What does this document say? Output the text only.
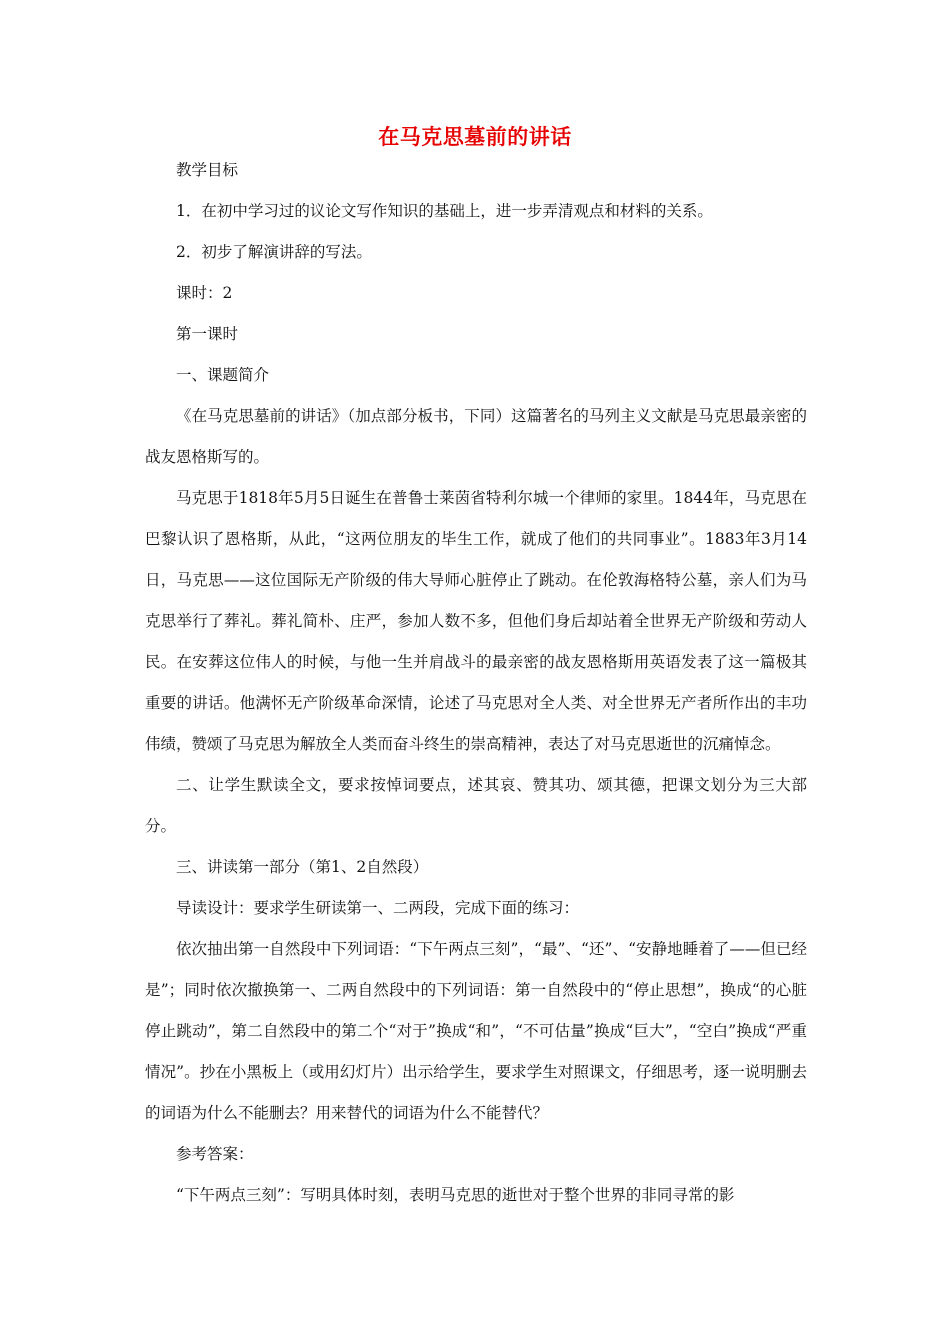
在马克思墓前的讲话

教学目标

1．在初中学习过的议论文写作知识的基础上，进一步弄清观点和材料的关系。

2．初步了解演讲辞的写法。

课时：2

第一课时

一、课题简介

《在马克思墓前的讲话》（加点部分板书，下同）这篇著名的马列主义文献是马克思最亲密的战友恩格斯写的。

马克思于1818年5月5日诞生在普鲁士莱茵省特利尔城一个律师的家里。1844年，马克思在巴黎认识了恩格斯，从此，“这两位朋友的毕生工作，就成了他们的共同事业”。1883年3月14日，马克思——这位国际无产阶级的伟大导师心脏停止了跳动。在伦敦海格特公墓，亲人们为马克思举行了葬礼。葬礼简朴、庄严，参加人数不多，但他们身后却站着全世界无产阶级和劳动人民。在安葬这位伟人的时候，与他一生并肩战斗的最亲密的战友恩格斯用英语发表了这一篇极其重要的讲话。他满怀无产阶级革命深情，论述了马克思对全人类、对全世界无产者所作出的丰功伟绩，赞颂了马克思为解放全人类而奋斗终生的崇高精神，表达了对马克思逝世的沉痛悼念。

二、让学生默读全文，要求按悼词要点，述其哀、赞其功、颂其德，把课文划分为三大部分。

三、讲读第一部分（第1、2自然段）

导读设计：要求学生研读第一、二两段，完成下面的练习：

依次抽出第一自然段中下列词语：“下午两点三刻”，“最”、“还”、“安静地睡着了——但已经是”；同时依次撤换第一、二两自然段中的下列词语：第一自然段中的“停止思想”，换成“的心脏停止跳动”，第二自然段中的第二个“对于”换成“和”，“不可估量”换成“巨大”，“空白”换成“严重情况”。抄在小黑板上（或用幻灯片）出示给学生，要求学生对照课文，仔细思考，逐一说明删去的词语为什么不能删去？用来替代的词语为什么不能替代？

参考答案：

“下午两点三刻”：写明具体时刻，表明马克思的逝世对于整个世界的非同寻常的影
